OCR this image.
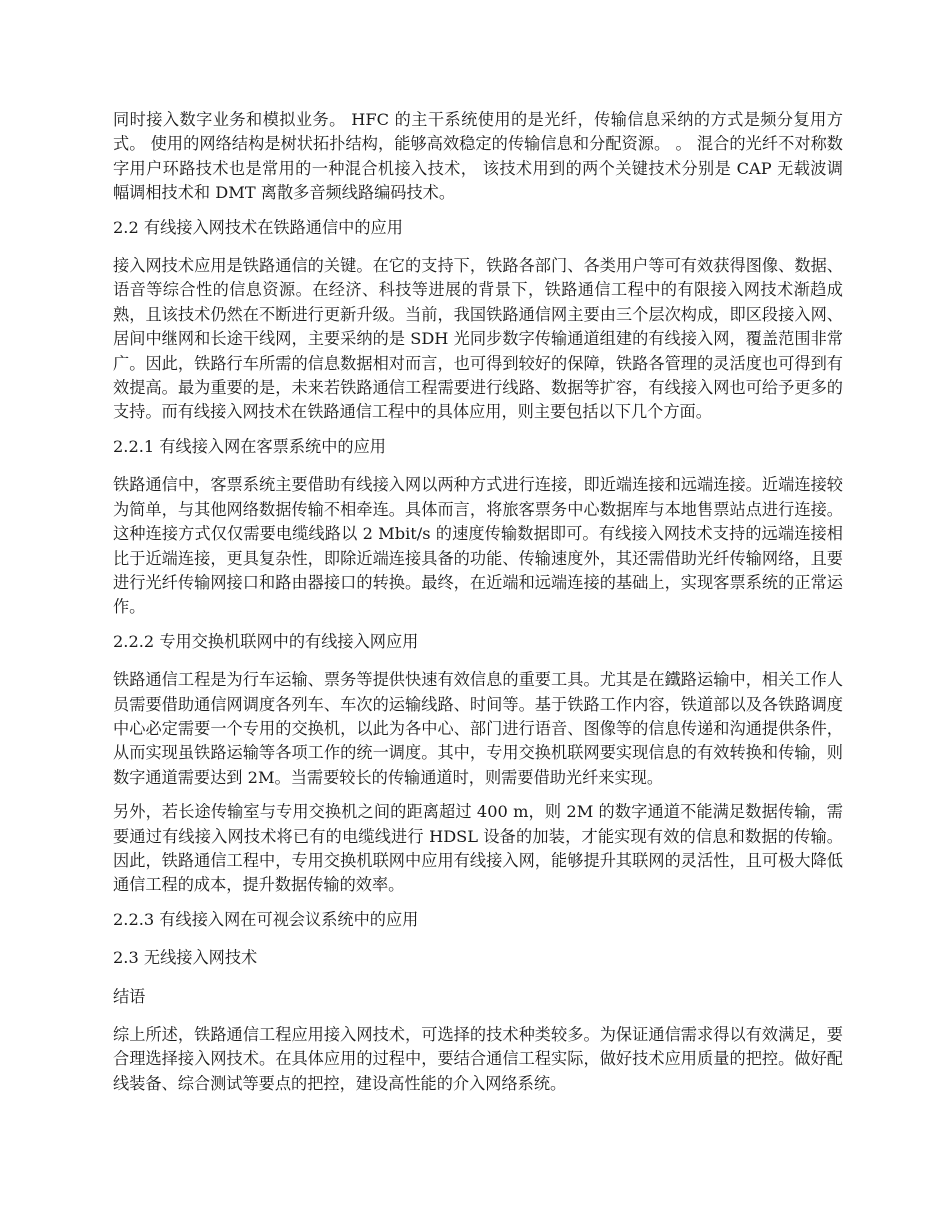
同时接入数字业务和模拟业务。 HFC 的主干系统使用的是光纤，传输信息采纳的方式是频分复用方式。 使用的网络结构是树状拓扑结构，能够高效稳定的传输信息和分配资源。 。 混合的光纤不对称数字用户环路技术也是常用的一种混合机接入技术， 该技术用到的两个关键技术分别是 CAP 无载波调幅调相技术和 DMT 离散多音频线路编码技术。

2.2 有线接入网技术在铁路通信中的应用

接入网技术应用是铁路通信的关键。在它的支持下，铁路各部门、各类用户等可有效获得图像、数据、语音等综合性的信息资源。在经济、科技等进展的背景下，铁路通信工程中的有限接入网技术渐趋成熟，且该技术仍然在不断进行更新升级。当前，我国铁路通信网主要由三个层次构成，即区段接入网、居间中继网和长途干线网，主要采纳的是 SDH 光同步数字传输通道组建的有线接入网，覆盖范围非常广。因此，铁路行车所需的信息数据相对而言，也可得到较好的保障，铁路各管理的灵活度也可得到有效提高。最为重要的是，未来若铁路通信工程需要进行线路、数据等扩容，有线接入网也可给予更多的支持。而有线接入网技术在铁路通信工程中的具体应用，则主要包括以下几个方面。

2.2.1 有线接入网在客票系统中的应用

铁路通信中，客票系统主要借助有线接入网以两种方式进行连接，即近端连接和远端连接。近端连接较为简单，与其他网络数据传输不相牵连。具体而言，将旅客票务中心数据库与本地售票站点进行连接。这种连接方式仅仅需要电缆线路以 2 Mbit/s 的速度传输数据即可。有线接入网技术支持的远端连接相比于近端连接，更具复杂性，即除近端连接具备的功能、传输速度外，其还需借助光纤传输网络，且要进行光纤传输网接口和路由器接口的转换。最终，在近端和远端连接的基础上，实现客票系统的正常运作。

2.2.2 专用交换机联网中的有线接入网应用

铁路通信工程是为行车运输、票务等提供快速有效信息的重要工具。尤其是在鐵路运输中，相关工作人员需要借助通信网调度各列车、车次的运输线路、时间等。基于铁路工作内容，铁道部以及各铁路调度中心必定需要一个专用的交换机，以此为各中心、部门进行语音、图像等的信息传递和沟通提供条件，从而实现虽铁路运输等各项工作的统一调度。其中，专用交换机联网要实现信息的有效转换和传输，则数字通道需要达到 2M。当需要较长的传输通道时，则需要借助光纤来实现。

另外，若长途传输室与专用交换机之间的距离超过 400 m，则 2M 的数字通道不能满足数据传输，需要通过有线接入网技术将已有的电缆线进行 HDSL 设备的加装，才能实现有效的信息和数据的传输。因此，铁路通信工程中，专用交换机联网中应用有线接入网，能够提升其联网的灵活性，且可极大降低通信工程的成本，提升数据传输的效率。

2.2.3 有线接入网在可视会议系统中的应用

2.3 无线接入网技术

结语

综上所述，铁路通信工程应用接入网技术，可选择的技术种类较多。为保证通信需求得以有效满足，要合理选择接入网技术。在具体应用的过程中，要结合通信工程实际，做好技术应用质量的把控。做好配线装备、综合测试等要点的把控，建设高性能的介入网络系统。
